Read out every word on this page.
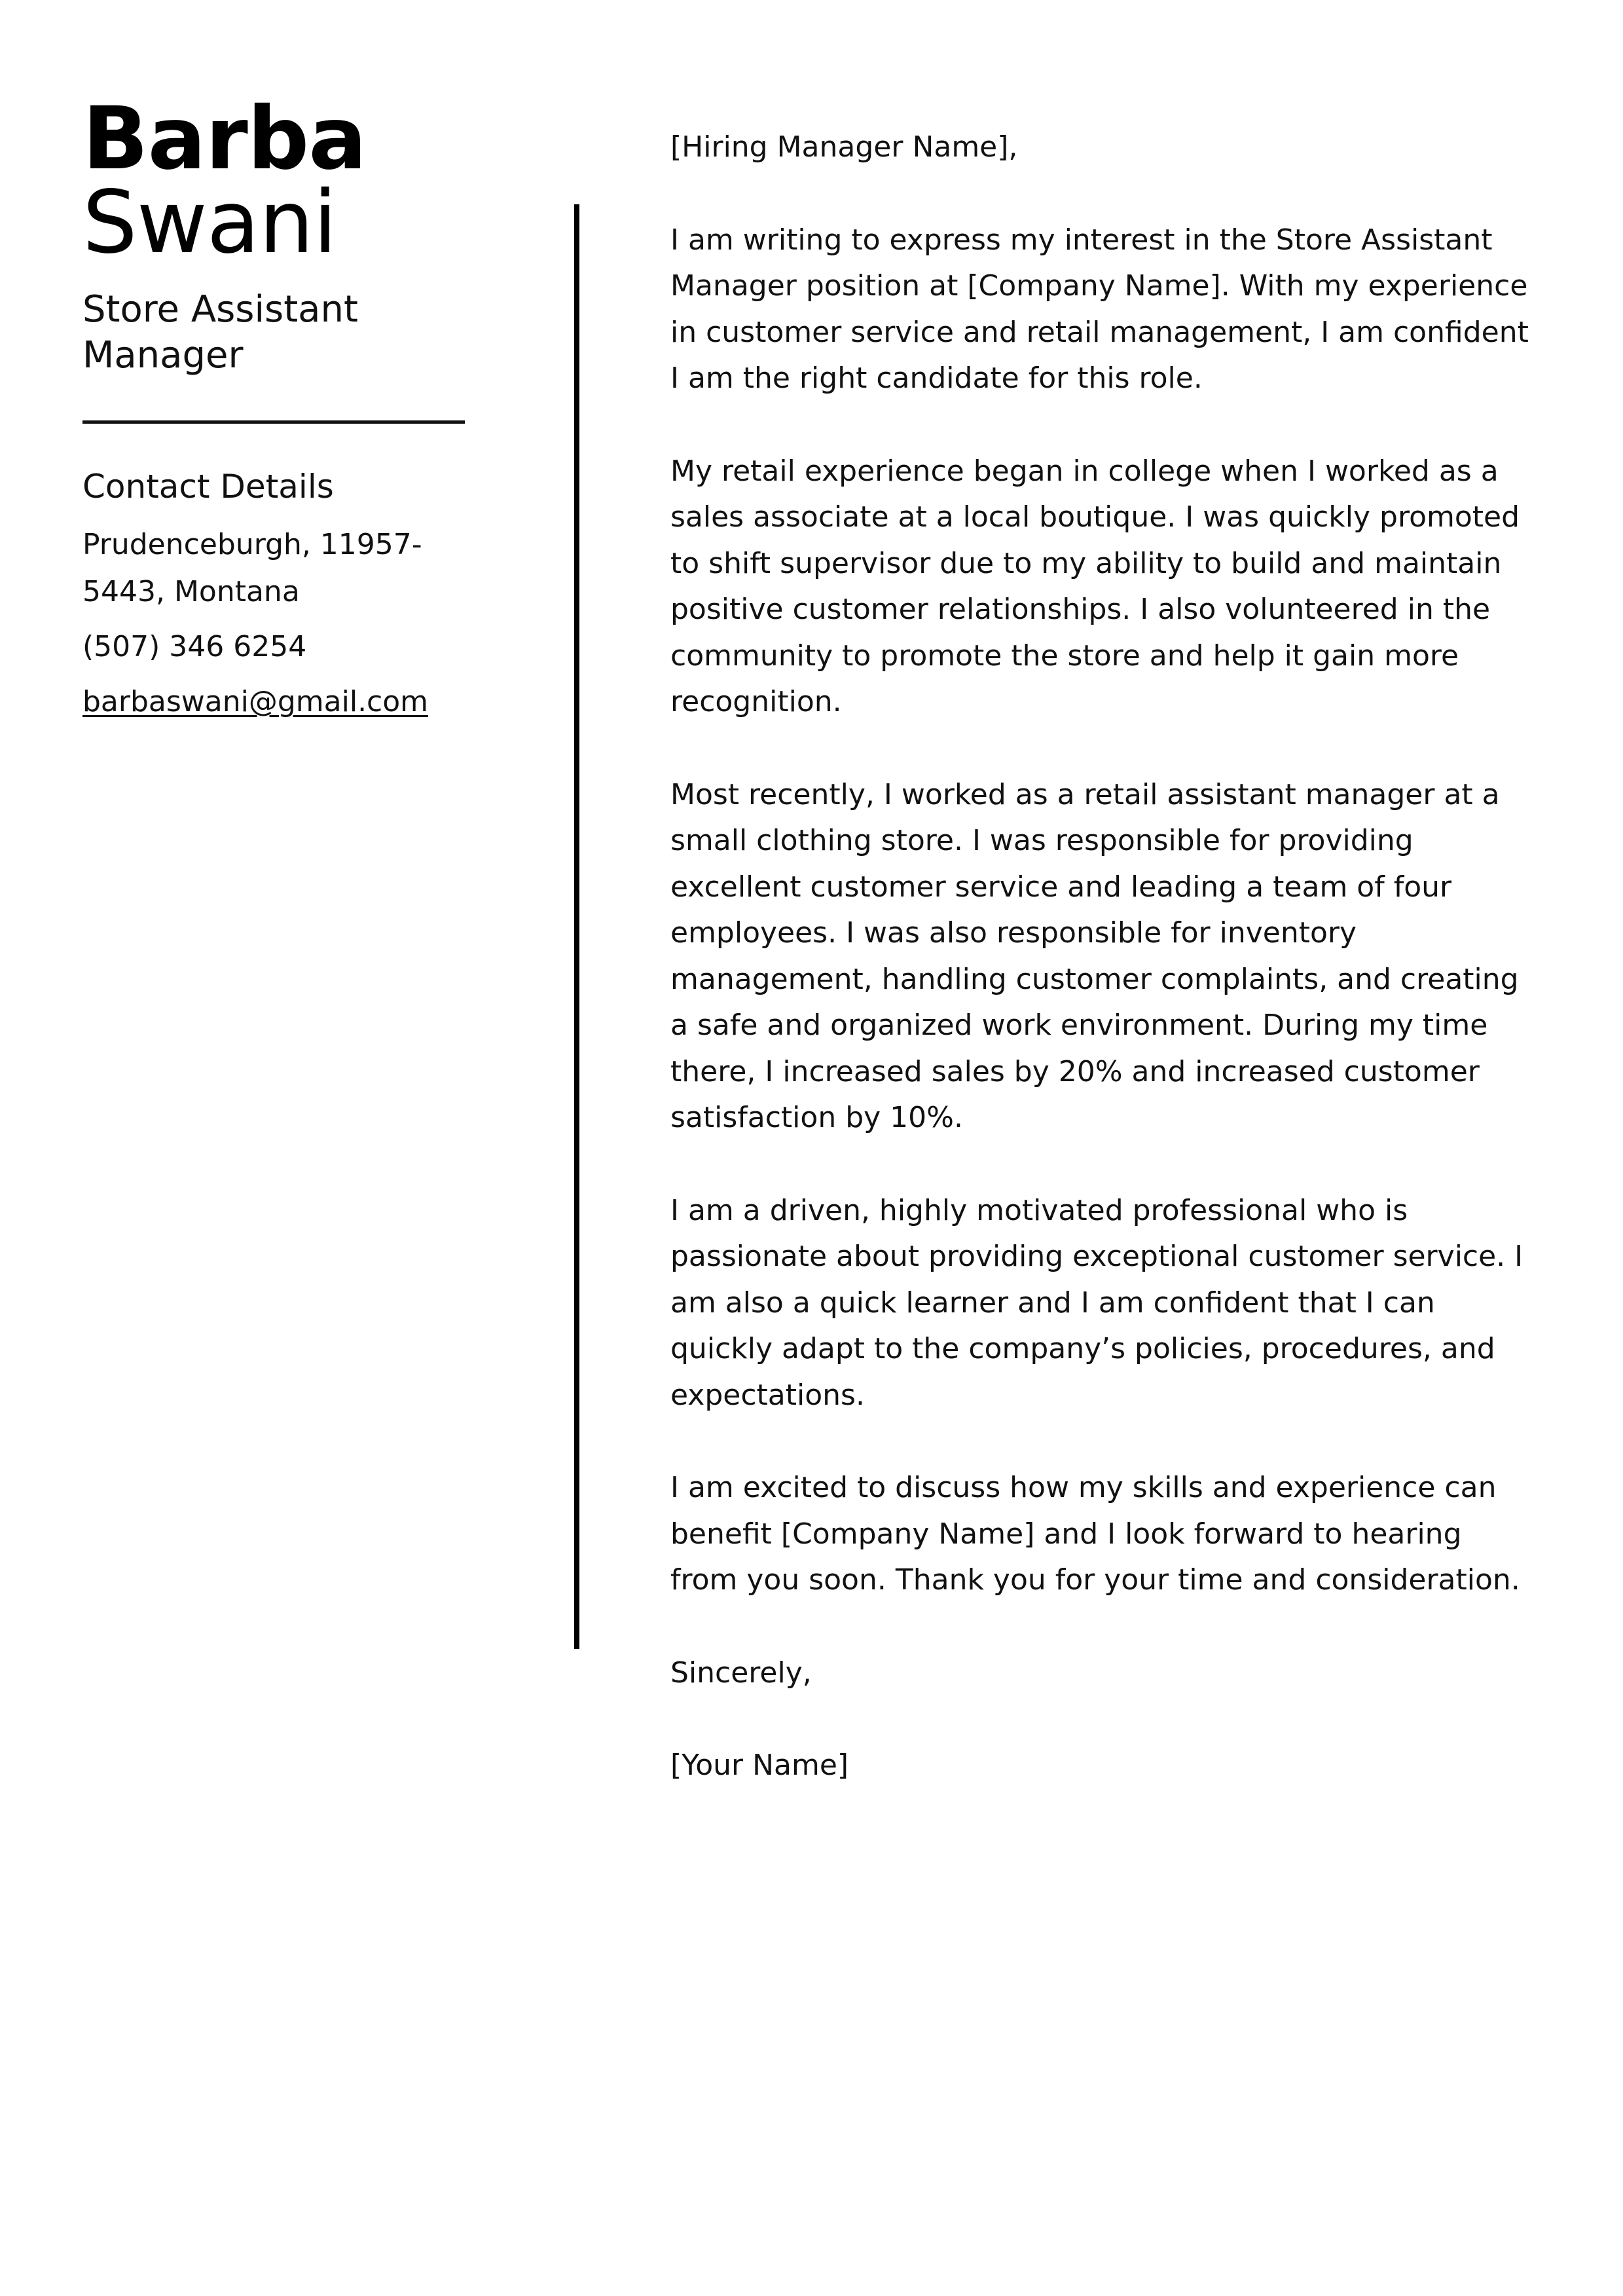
Barba
Swani
Store Assistant Manager
Contact Details
Prudenceburgh, 11957-
5443, Montana
(507) 346 6254
barbaswani@gmail.com

[Hiring Manager Name],

I am writing to express my interest in the Store Assistant Manager position at [Company Name]. With my experience in customer service and retail management, I am confident I am the right candidate for this role.

My retail experience began in college when I worked as a sales associate at a local boutique. I was quickly promoted to shift supervisor due to my ability to build and maintain positive customer relationships. I also volunteered in the community to promote the store and help it gain more recognition.

Most recently, I worked as a retail assistant manager at a small clothing store. I was responsible for providing excellent customer service and leading a team of four employees. I was also responsible for inventory management, handling customer complaints, and creating a safe and organized work environment. During my time there, I increased sales by 20% and increased customer satisfaction by 10%.

I am a driven, highly motivated professional who is passionate about providing exceptional customer service. I am also a quick learner and I am confident that I can quickly adapt to the company’s policies, procedures, and expectations.

I am excited to discuss how my skills and experience can benefit [Company Name] and I look forward to hearing from you soon. Thank you for your time and consideration.

Sincerely,

[Your Name]
